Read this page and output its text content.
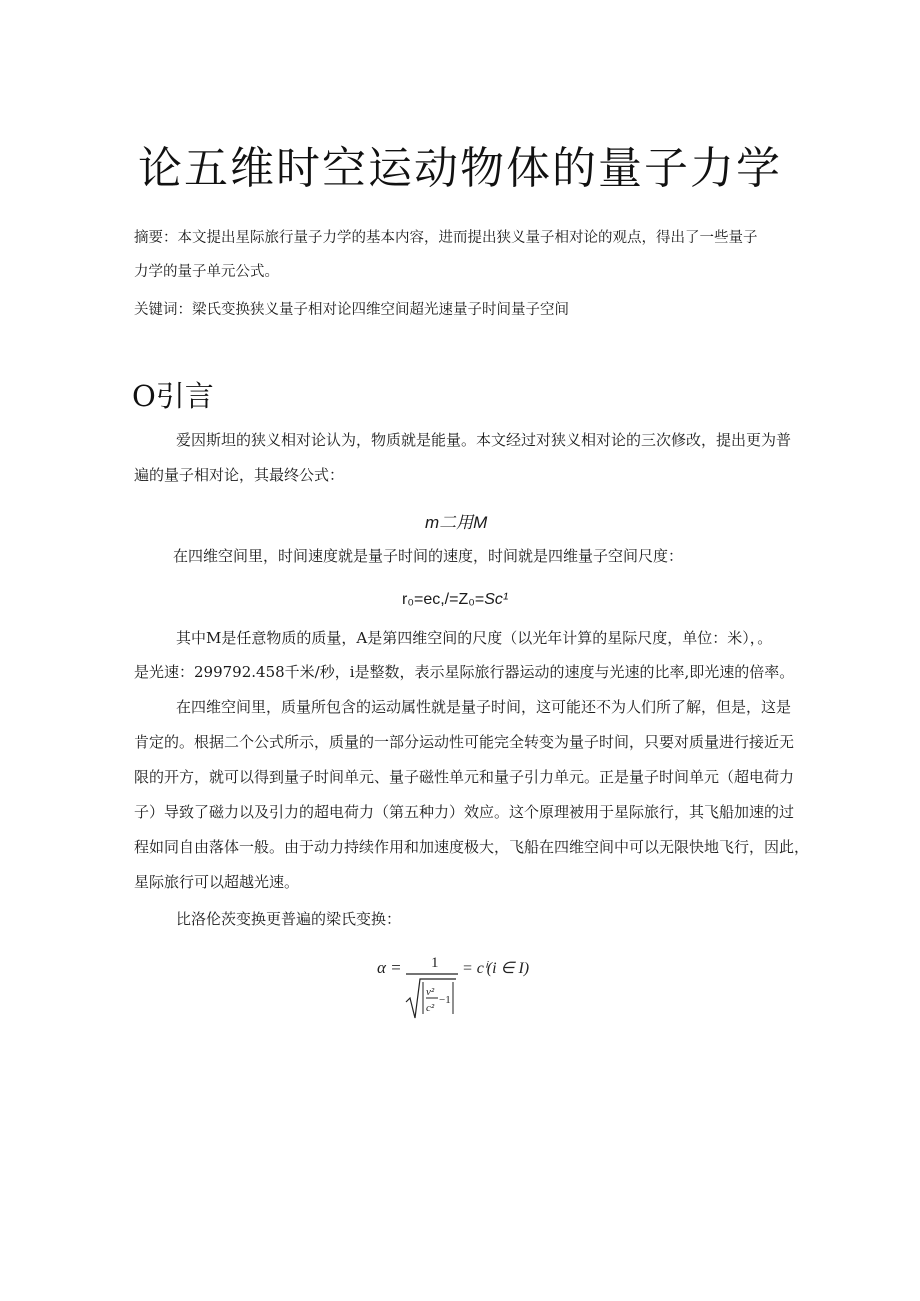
论五维时空运动物体的量子力学
摘要：本文提出星际旅行量子力学的基本内容，进而提出狭义量子相对论的观点，得出了一些量子
力学的量子单元公式。
关键词：梁氏变换狭义量子相对论四维空间超光速量子时间量子空间
O引言
爱因斯坦的狭义相对论认为，物质就是能量。本文经过对狭义相对论的三次修改，提出更为普
遍的量子相对论，其最终公式：
m二用M
在四维空间里，时间速度就是量子时间的速度，时间就是四维量子空间尺度：
r₀=ec,/=Z₀=Sc¹
其中M是任意物质的质量，A是第四维空间的尺度（以光年计算的星际尺度，单位：米），。
是光速：299792.458千米/秒，i是整数，表示星际旅行器运动的速度与光速的比率,即光速的倍率。
在四维空间里，质量所包含的运动属性就是量子时间，这可能还不为人们所了解，但是，这是
肯定的。根据二个公式所示，质量的一部分运动性可能完全转变为量子时间，只要对质量进行接近无
限的开方，就可以得到量子时间单元、量子磁性单元和量子引力单元。正是量子时间单元（超电荷力
子）导致了磁力以及引力的超电荷力（第五种力）效应。这个原理被用于星际旅行，其飞船加速的过
程如同自由落体一般。由于动力持续作用和加速度极大，飞船在四维空间中可以无限快地飞行，因此，
星际旅行可以超越光速。
比洛伦茨变换更普遍的梁氏变换：
α = 1
v²
c²
−1
= cⁱ(i ∈ I)
